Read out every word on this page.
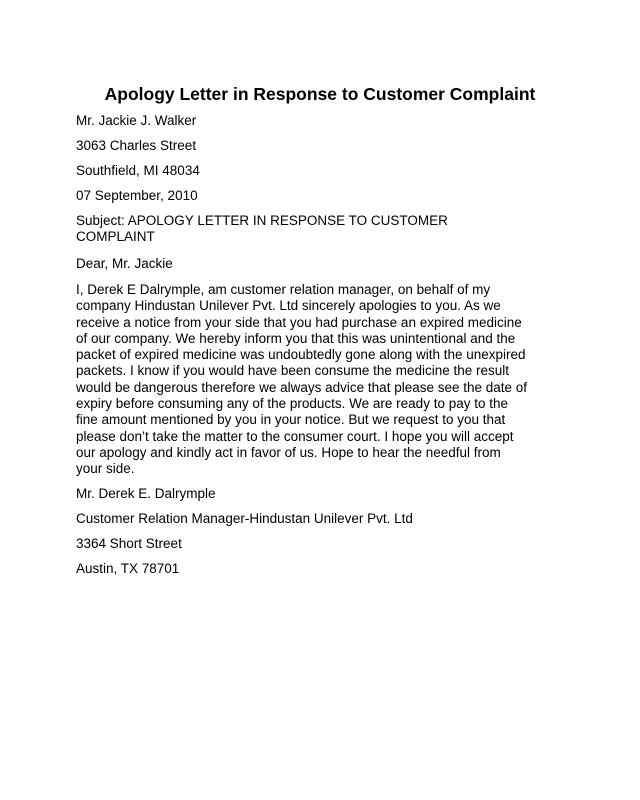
Apology Letter in Response to Customer Complaint
Mr. Jackie J. Walker
3063 Charles Street
Southfield, MI 48034
07 September, 2010
Subject: APOLOGY LETTER IN RESPONSE TO CUSTOMER
COMPLAINT
Dear, Mr. Jackie
I, Derek E Dalrymple, am customer relation manager, on behalf of my
company Hindustan Unilever Pvt. Ltd sincerely apologies to you. As we
receive a notice from your side that you had purchase an expired medicine
of our company. We hereby inform you that this was unintentional and the
packet of expired medicine was undoubtedly gone along with the unexpired
packets. I know if you would have been consume the medicine the result
would be dangerous therefore we always advice that please see the date of
expiry before consuming any of the products. We are ready to pay to the
fine amount mentioned by you in your notice. But we request to you that
please don’t take the matter to the consumer court. I hope you will accept
our apology and kindly act in favor of us. Hope to hear the needful from
your side.
Mr. Derek E. Dalrymple
Customer Relation Manager-Hindustan Unilever Pvt. Ltd
3364 Short Street
Austin, TX 78701
